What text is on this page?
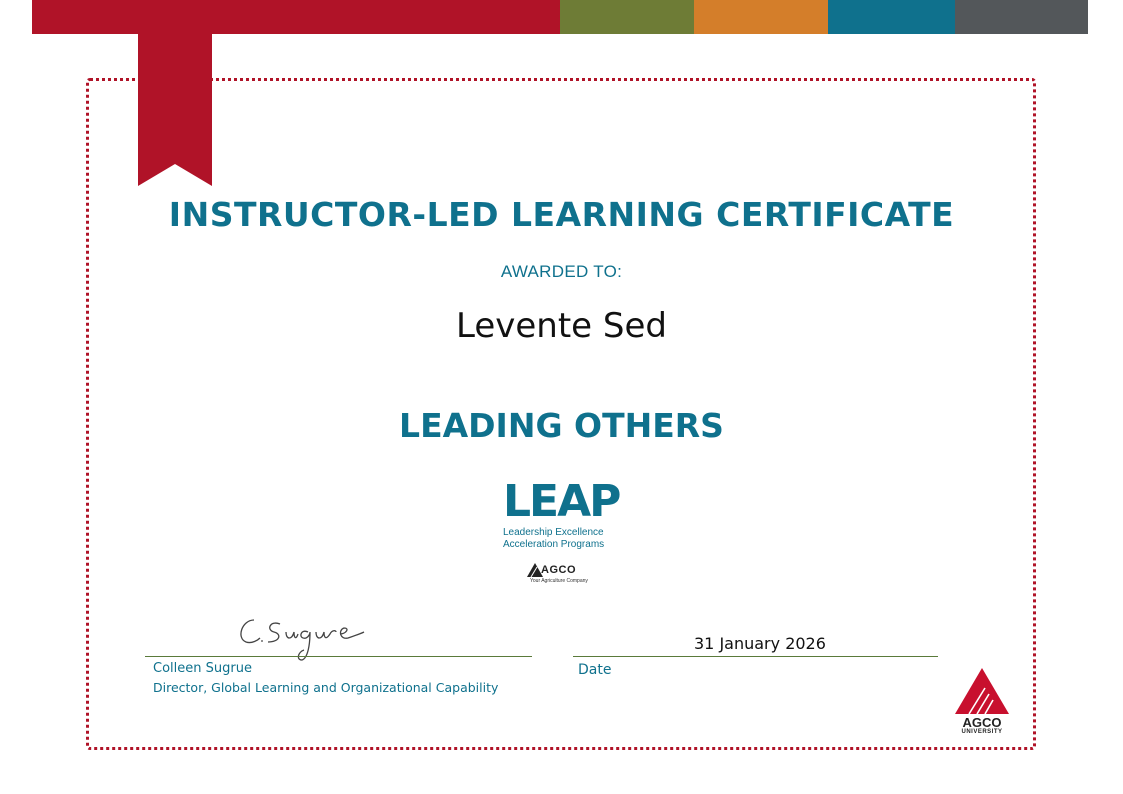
INSTRUCTOR-LED LEARNING CERTIFICATE
AWARDED TO:
Levente Sed
LEADING OTHERS
LEAP
Leadership Excellence
Acceleration Programs
AGCO
Your Agriculture Company
Colleen Sugrue
Director, Global Learning and Organizational Capability
31 January 2026
Date
AGCO
UNIVERSITY
